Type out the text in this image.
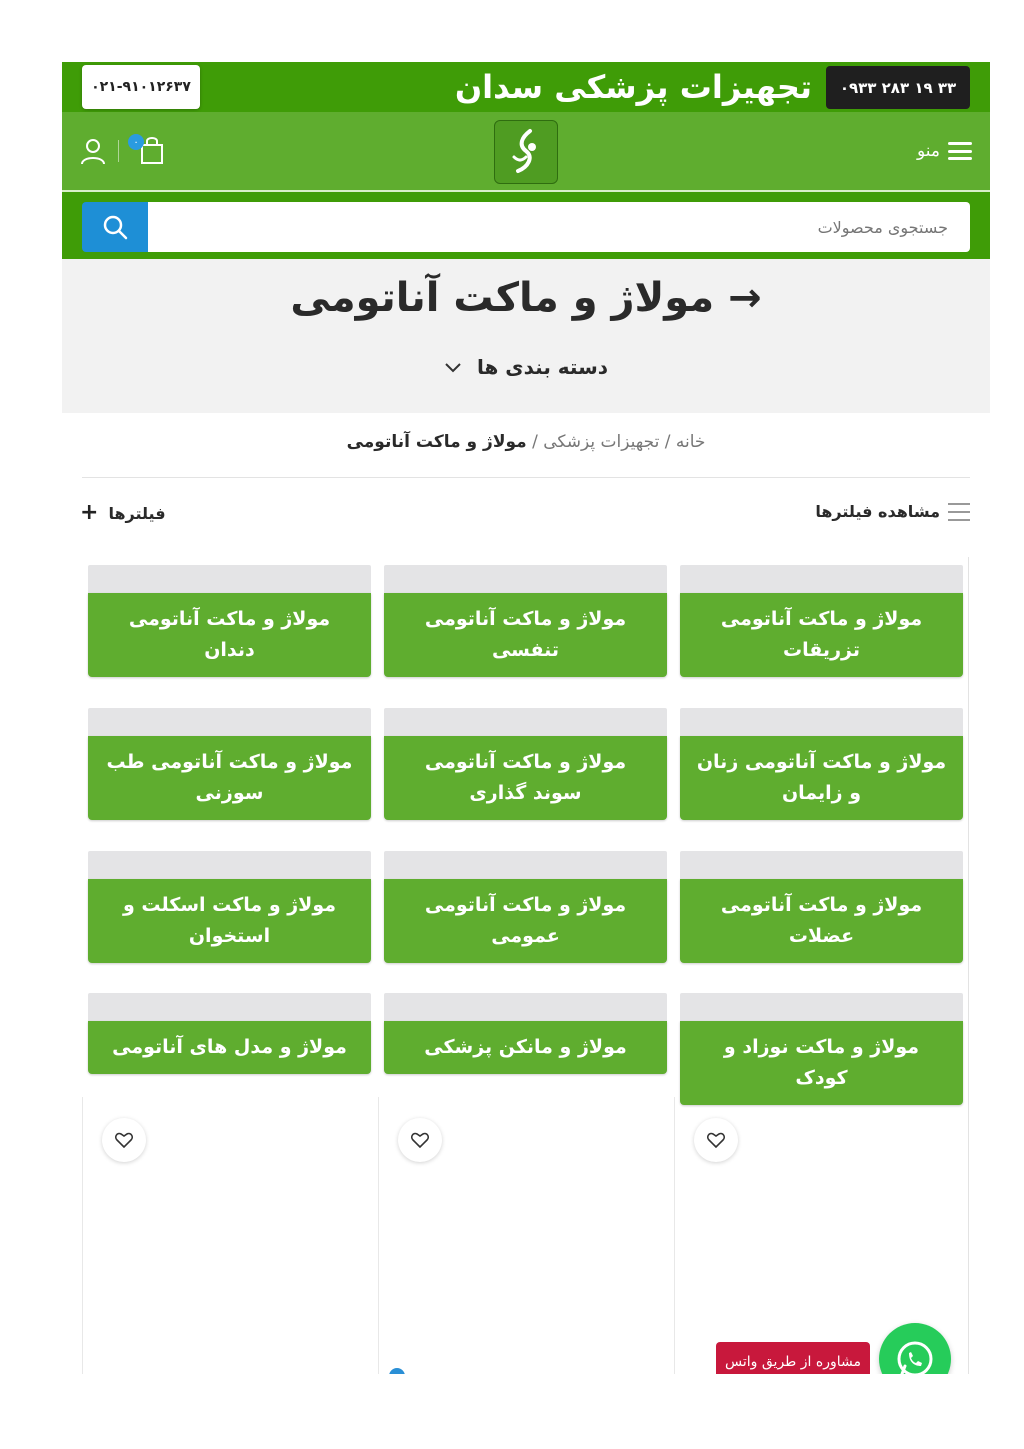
۰۲۱-۹۱۰۱۲۶۳۷	تجهیزات پزشکی سدان	۰۹۳۳ ۲۸۳ ۱۹ ۳۳
۰	منو
جستجوی محصولات
→ مولاژ و ماکت آناتومی
دسته بندی ها
خانه / تجهیزات پزشکی / مولاژ و ماکت آناتومی
مشاهده فیلترها
فیلترها
+
مولاژ و ماکت آناتومی تزریقات
مولاژ و ماکت آناتومی تنفسی
مولاژ و ماکت آناتومی دندان
مولاژ و ماکت آناتومی زنان و زایمان
مولاژ و ماکت آناتومی سوند گذاری
مولاژ و ماکت آناتومی طب سوزنی
مولاژ و ماکت آناتومی عضلات
مولاژ و ماکت آناتومی عمومی
مولاژ و ماکت اسکلت و استخوان
مولاژ و ماکت نوزاد و کودک
مولاژ و مانکن پزشکی
مولاژ و مدل های آناتومی
مشاوره از طریق واتس
